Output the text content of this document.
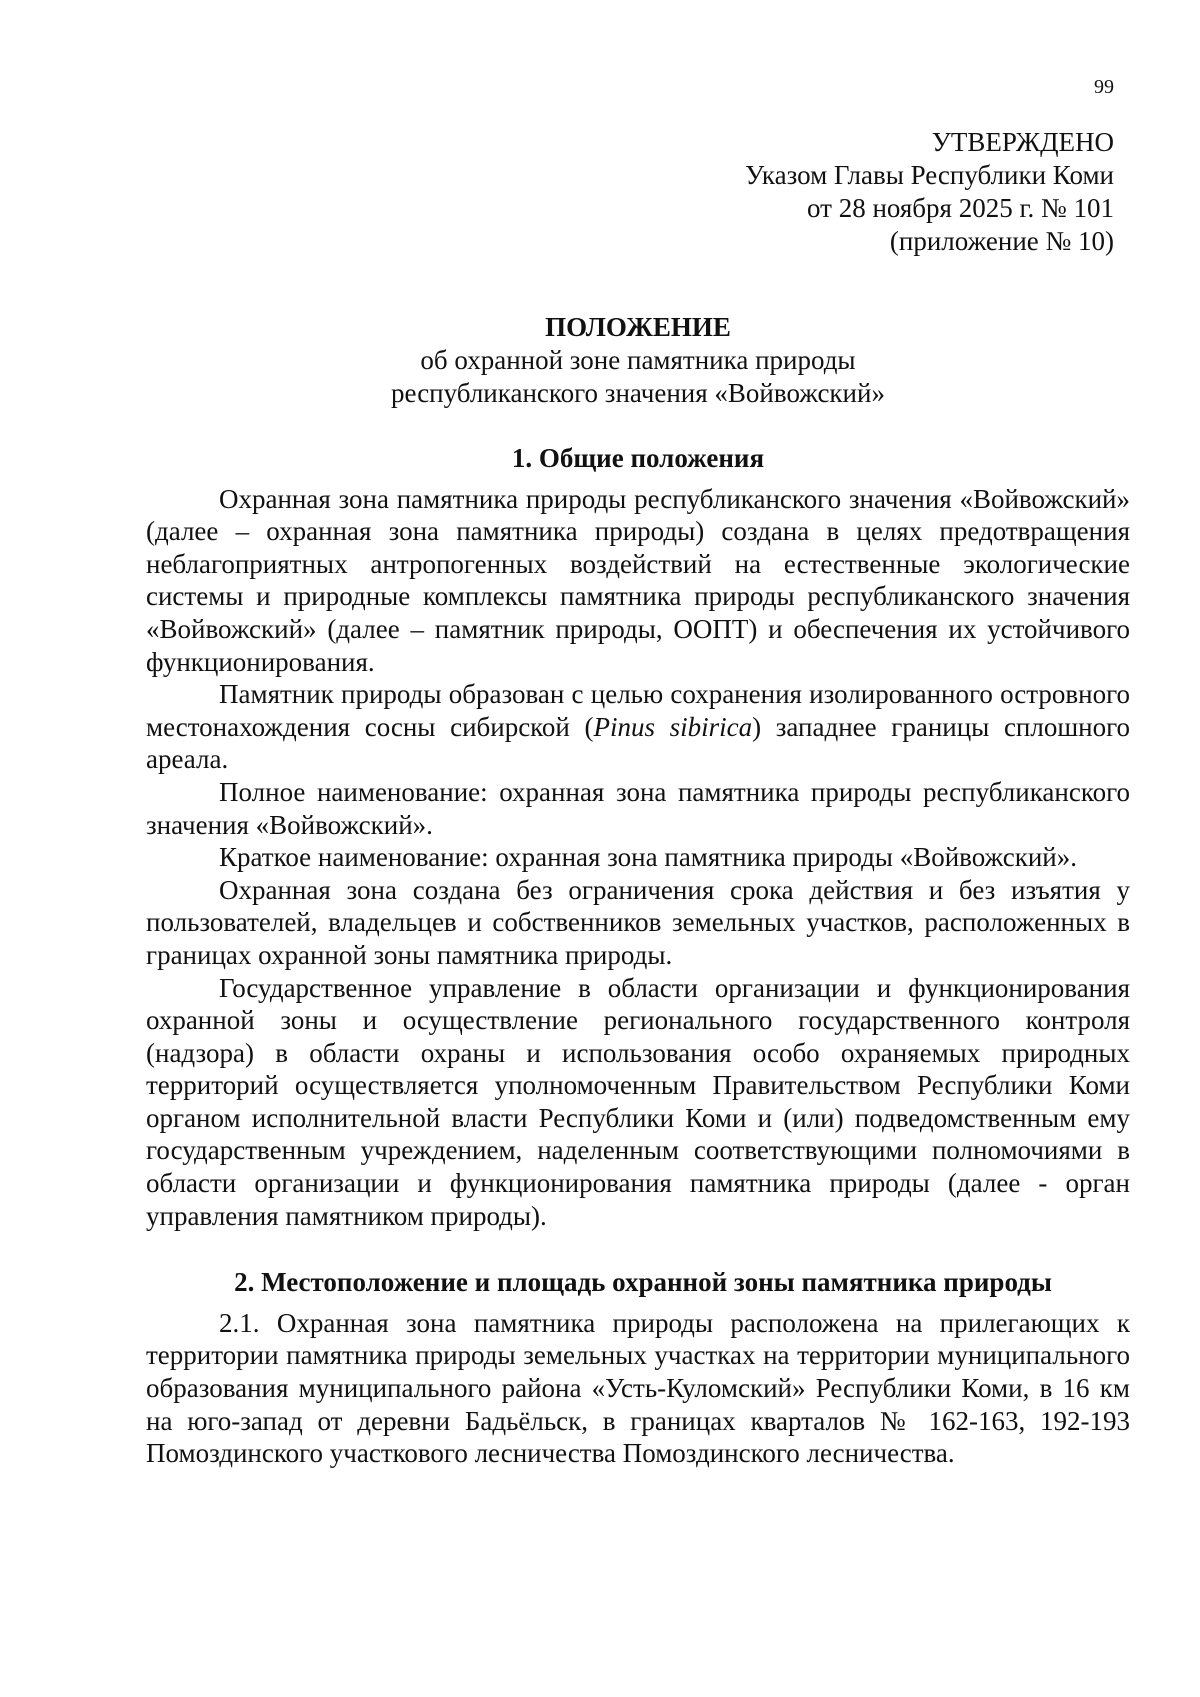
99
УТВЕРЖДЕНО
Указом Главы Республики Коми
от 28 ноября 2025 г. № 101
(приложение № 10)

ПОЛОЖЕНИЕ

об охранной зоне памятника природы

республиканского значения «Войвожский»

1. Общие положения

Охранная зона памятника природы республиканского значения «Войвожский» (далее – охранная зона памятника природы) создана в целях предотвращения неблагоприятных антропогенных воздействий на естественные экологические системы и природные комплексы памятника природы республиканского значения «Войвожский» (далее – памятник природы, ООПТ) и обеспечения их устойчивого функционирования.

Памятник природы образован с целью сохранения изолированного островного местонахождения сосны сибирской (Pinus sibirica) западнее границы сплошного ареала.

Полное наименование: охранная зона памятника природы республиканского значения «Войвожский».

Краткое наименование: охранная зона памятника природы «Войвожский».

Охранная зона создана без ограничения срока действия и без изъятия у пользователей, владельцев и собственников земельных участков, расположенных в границах охранной зоны памятника природы.

Государственное управление в области организации и функционирования охранной зоны и осуществление регионального государственного контроля (надзора) в области охраны и использования особо охраняемых природных территорий осуществляется уполномоченным Правительством Республики Коми органом исполнительной власти Республики Коми и (или) подведомственным ему государственным учреждением, наделенным соответствующими полномочиями в области организации и функционирования памятника природы (далее - орган управления памятником природы).

2. Местоположение и площадь охранной зоны памятника природы

2.1. Охранная зона памятника природы расположена на прилегающих к территории памятника природы земельных участках на территории муниципального образования муниципального района «Усть-Куломский» Республики Коми, в 16 км на юго-запад от деревни Бадьёльск, в границах кварталов № 162-163, 192-193 Помоздинского участкового лесничества Помоздинского лесничества.
